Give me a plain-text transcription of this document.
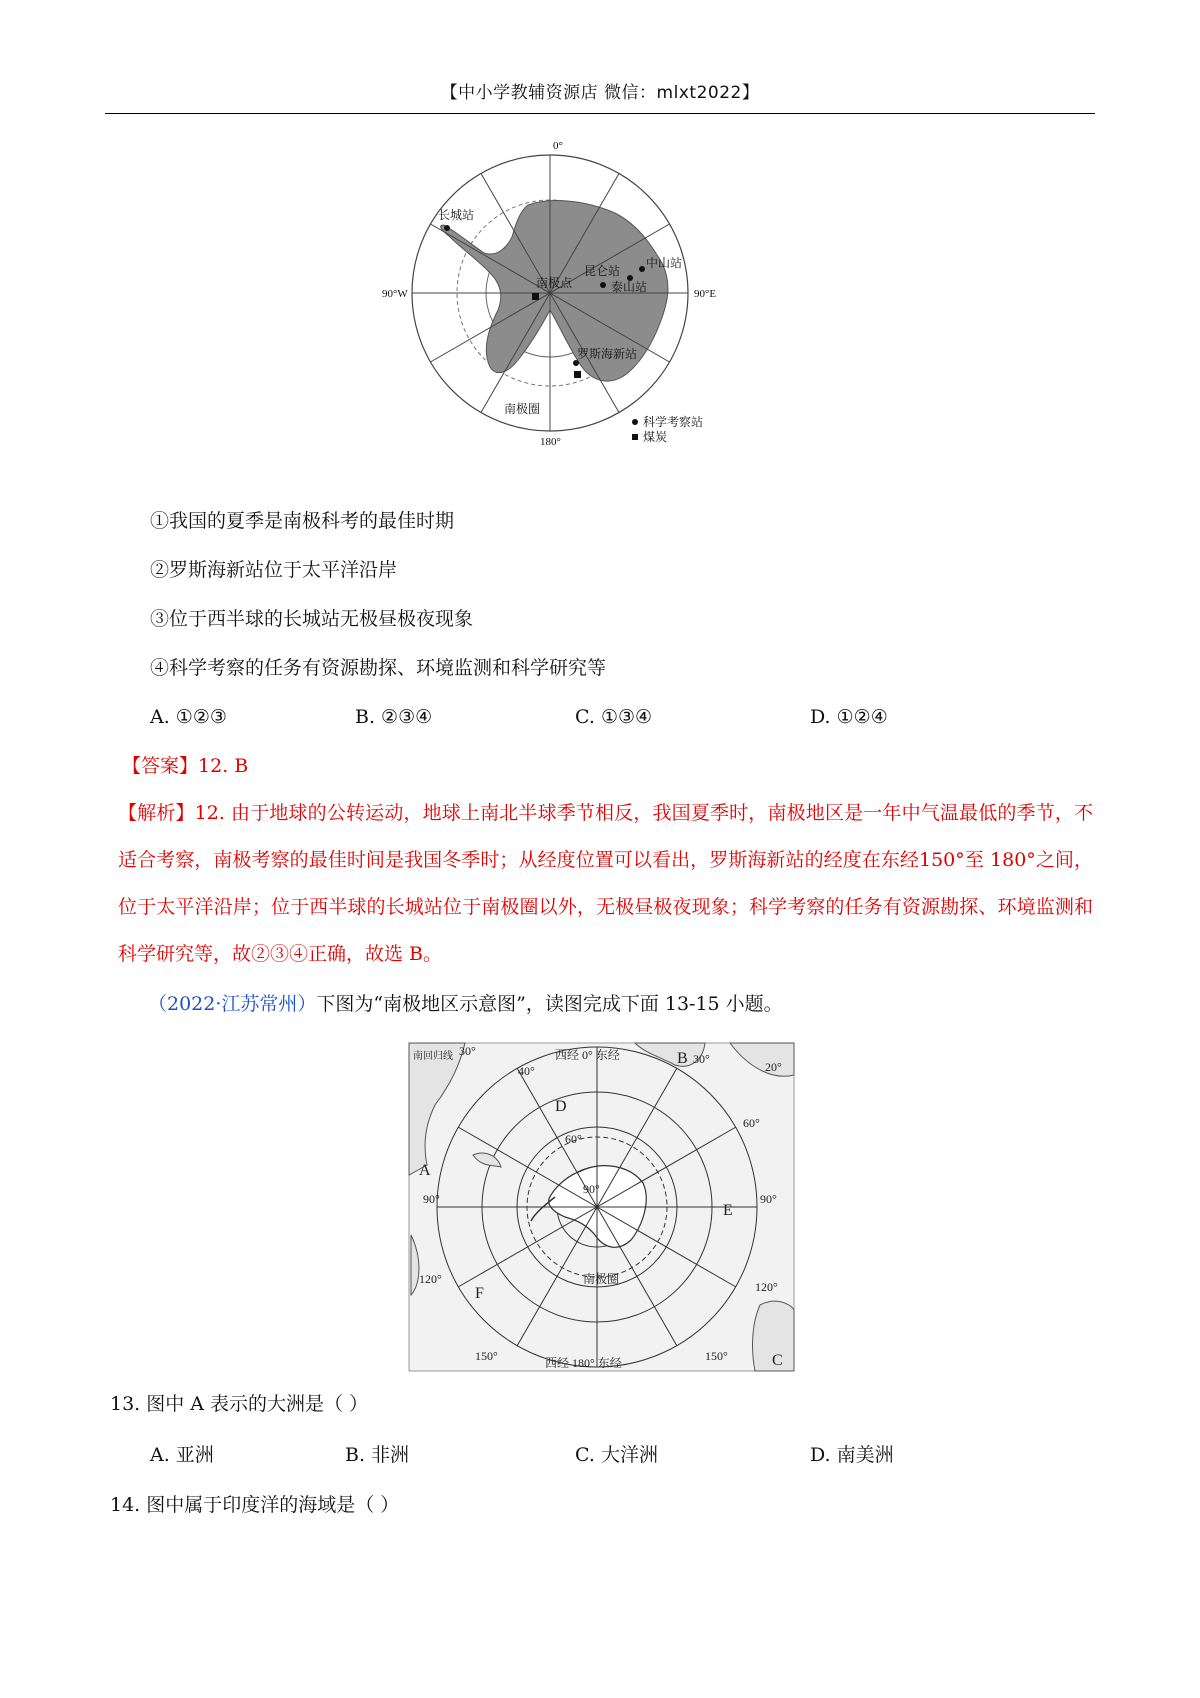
【中小学教辅资源店 微信：mlxt2022】
0°
90°W	90°E
180°
长城站
中山站
昆仑站
泰山站
南极点
罗斯海新站
南极圈
科学考察站
煤炭
①我国的夏季是南极科考的最佳时期
②罗斯海新站位于太平洋沿岸
③位于西半球的长城站无极昼极夜现象
④科学考察的任务有资源勘探、环境监测和科学研究等
A. ①②③	B. ②③④	C. ①③④	D. ①②④
【答案】12. B
【解析】12. 由于地球的公转运动，地球上南北半球季节相反，我国夏季时，南极地区是一年中气温最低的季节，不适合考察，南极考察的最佳时间是我国冬季时；从经度位置可以看出，罗斯海新站的经度在东经150°至 180°之间，位于太平洋沿岸；位于西半球的长城站位于南极圈以外，无极昼极夜现象；科学考察的任务有资源勘探、环境监测和科学研究等，故②③④正确，故选 B。
（2022·江苏常州）下图为“南极地区示意图”，读图完成下面 13-15 小题。
西经 0° 东经
西经 180° 东经
南回归线
南极圈
A
B
C
D
E
F
30°
40°
60°
20°
30°
60°
90°	90°
120°
120°
150°	150°
90°
13. 图中 A 表示的大洲是（ ）
A. 亚洲	B. 非洲	C. 大洋洲	D. 南美洲
14. 图中属于印度洋的海域是（ ）
